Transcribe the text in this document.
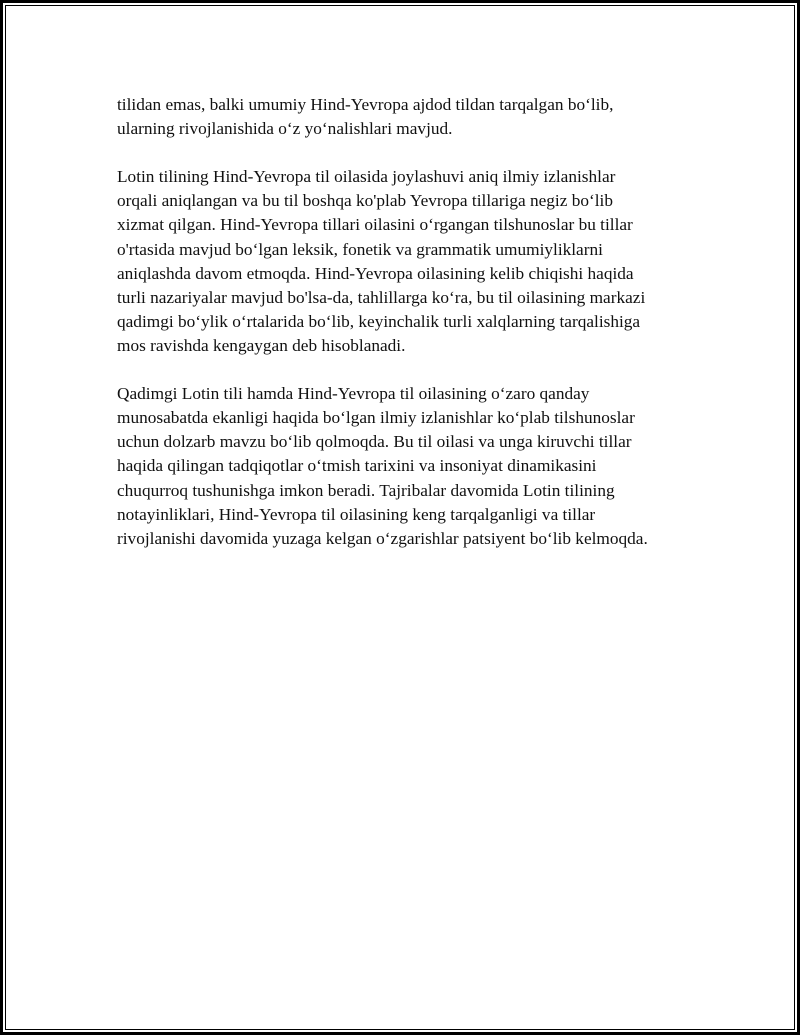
tilidan emas, balki umumiy Hind-Yevropa ajdod tildan tarqalgan bo‘lib,
ularning rivojlanishida o‘z yo‘nalishlari mavjud.
Lotin tilining Hind-Yevropa til oilasida joylashuvi aniq ilmiy izlanishlar
orqali aniqlangan va bu til boshqa ko'plab Yevropa tillariga negiz bo‘lib
xizmat qilgan. Hind-Yevropa tillari oilasini o‘rgangan tilshunoslar bu tillar
o'rtasida mavjud bo‘lgan leksik, fonetik va grammatik umumiyliklarni
aniqlashda davom etmoqda. Hind-Yevropa oilasining kelib chiqishi haqida
turli nazariyalar mavjud bo'lsa-da, tahlillarga ko‘ra, bu til oilasining markazi
qadimgi bo‘ylik o‘rtalarida bo‘lib, keyinchalik turli xalqlarning tarqalishiga
mos ravishda kengaygan deb hisoblanadi.
Qadimgi Lotin tili hamda Hind-Yevropa til oilasining o‘zaro qanday
munosabatda ekanligi haqida bo‘lgan ilmiy izlanishlar ko‘plab tilshunoslar
uchun dolzarb mavzu bo‘lib qolmoqda. Bu til oilasi va unga kiruvchi tillar
haqida qilingan tadqiqotlar o‘tmish tarixini va insoniyat dinamikasini
chuqurroq tushunishga imkon beradi. Tajribalar davomida Lotin tilining
notayinliklari, Hind-Yevropa til oilasining keng tarqalganligi va tillar
rivojlanishi davomida yuzaga kelgan o‘zgarishlar patsiyent bo‘lib kelmoqda.
